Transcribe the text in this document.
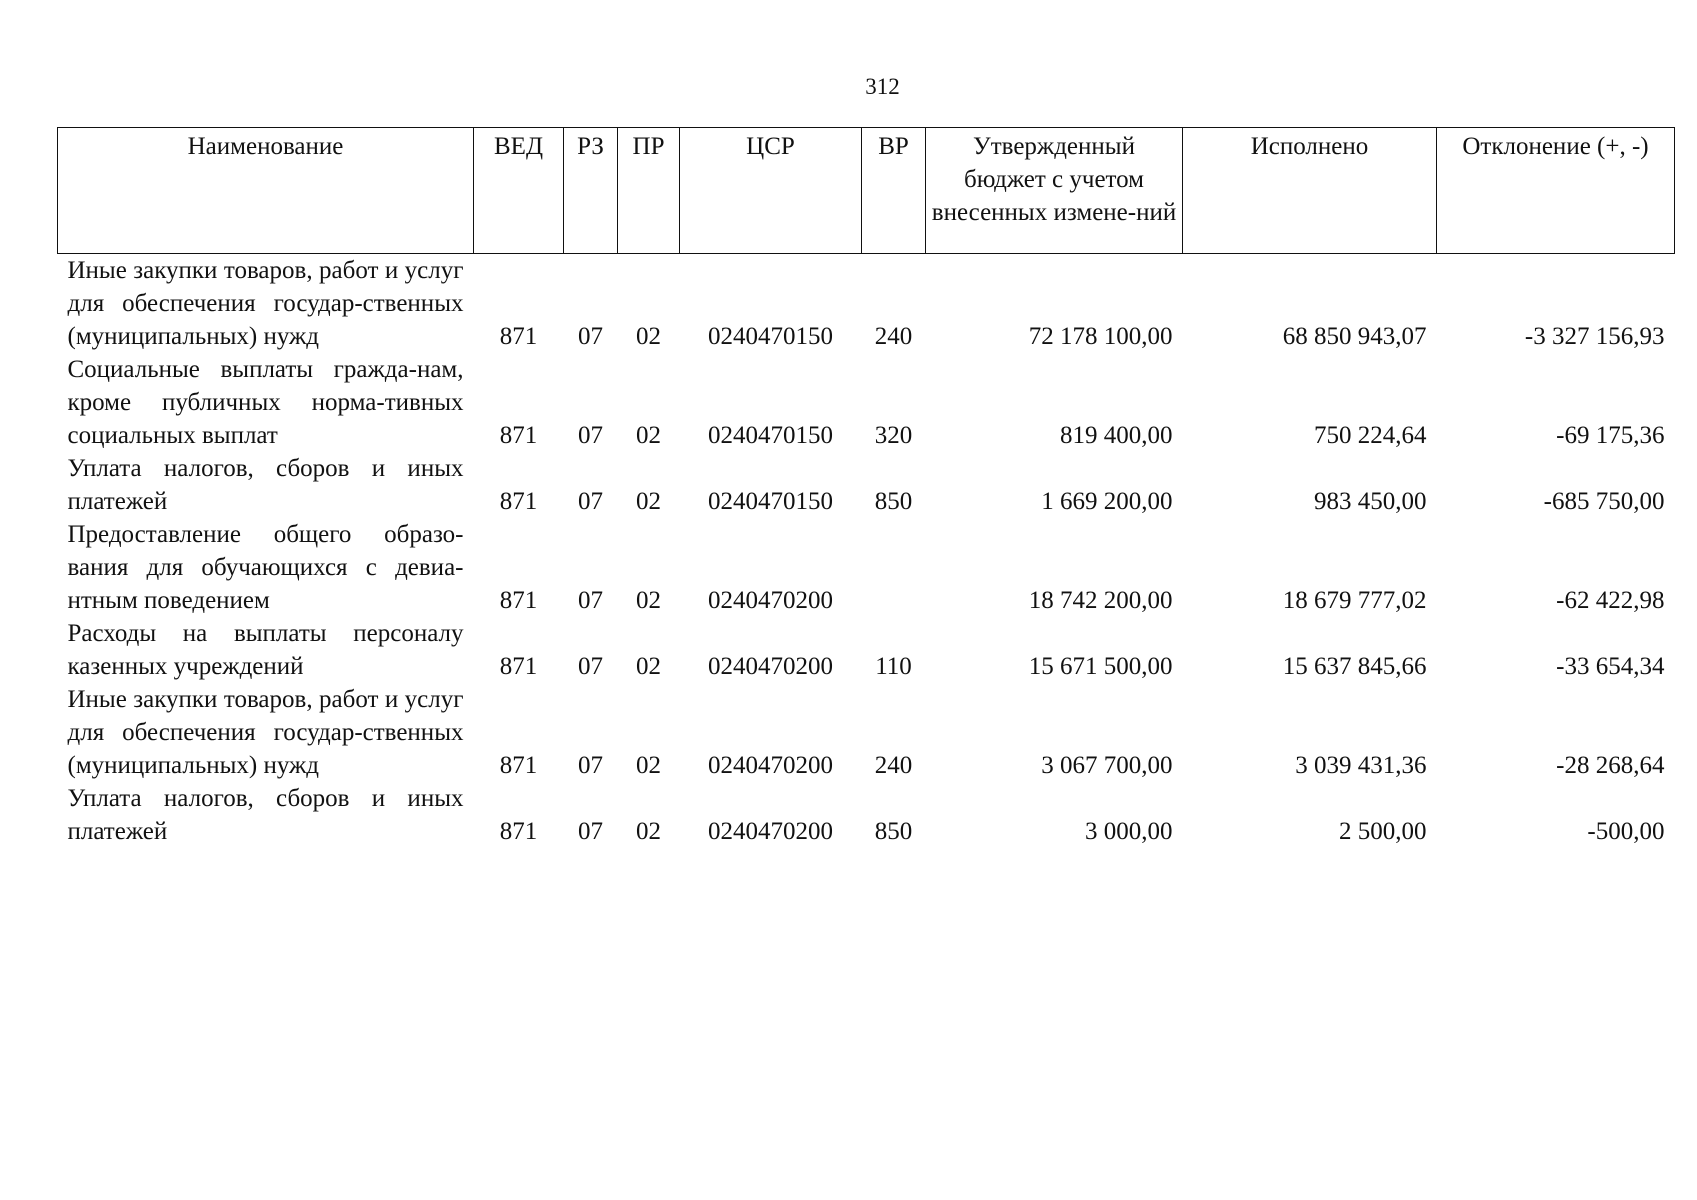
312
Наименование	ВЕД	РЗ	ПР	ЦСР	ВР	Утвержденный бюджет с учетом внесенных измене-ний	Исполнено	Отклонение (+, -)
Иные закупки товаров, работ и услуг для обеспечения государ-ственных (муниципальных) нужд	871	07	02	0240470150	240	72 178 100,00	68 850 943,07	-3 327 156,93
Социальные выплаты гражда-нам, кроме публичных норма-тивных социальных выплат	871	07	02	0240470150	320	819 400,00	750 224,64	-69 175,36
Уплата налогов, сборов и иных платежей	871	07	02	0240470150	850	1 669 200,00	983 450,00	-685 750,00
Предоставление общего образо-вания для обучающихся с девиа-нтным поведением	871	07	02	0240470200		18 742 200,00	18 679 777,02	-62 422,98
Расходы на выплаты персоналу казенных учреждений	871	07	02	0240470200	110	15 671 500,00	15 637 845,66	-33 654,34
Иные закупки товаров, работ и услуг для обеспечения государ-ственных (муниципальных) нужд	871	07	02	0240470200	240	3 067 700,00	3 039 431,36	-28 268,64
Уплата налогов, сборов и иных платежей	871	07	02	0240470200	850	3 000,00	2 500,00	-500,00
